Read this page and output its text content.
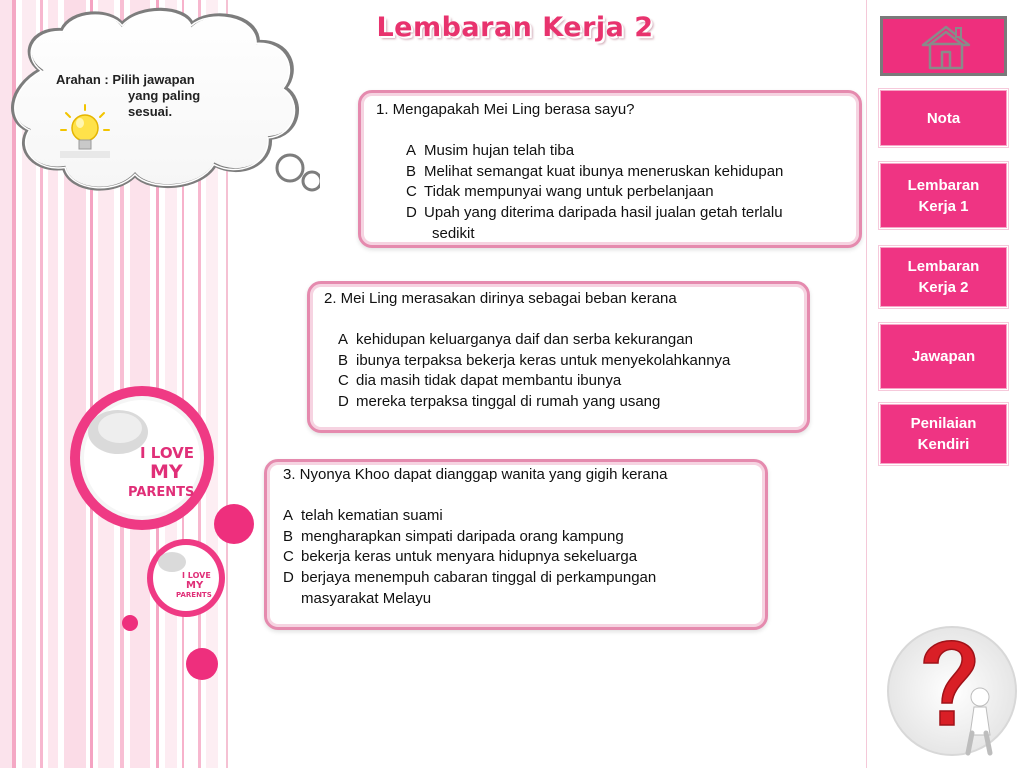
Arahan : Pilih jawapan
yang paling
sesuai.
Lembaran Kerja 2
1. Mengapakah Mei Ling berasa sayu?
A Musim hujan telah tiba
B Melihat semangat kuat ibunya meneruskan kehidupan
C Tidak mempunyai wang untuk perbelanjaan
D Upah yang diterima daripada hasil jualan getah terlalu
sedikit
2. Mei Ling merasakan dirinya sebagai beban kerana
A kehidupan keluarganya daif dan serba kekurangan
B ibunya terpaksa bekerja keras untuk menyekolahkannya
C dia masih tidak dapat membantu ibunya
D mereka terpaksa tinggal di rumah yang usang
3. Nyonya Khoo dapat dianggap wanita yang gigih kerana
A telah kematian suami
B mengharapkan simpati daripada orang kampung
C bekerja keras untuk menyara hidupnya sekeluarga
D berjaya menempuh cabaran tinggal di perkampungan
masyarakat Melayu
Nota
Lembaran
Kerja 1
Lembaran
Kerja 2
Jawapan
Penilaian
Kendiri
I LOVE
MY
PARENTS
I LOVE
MY
PARENTS
